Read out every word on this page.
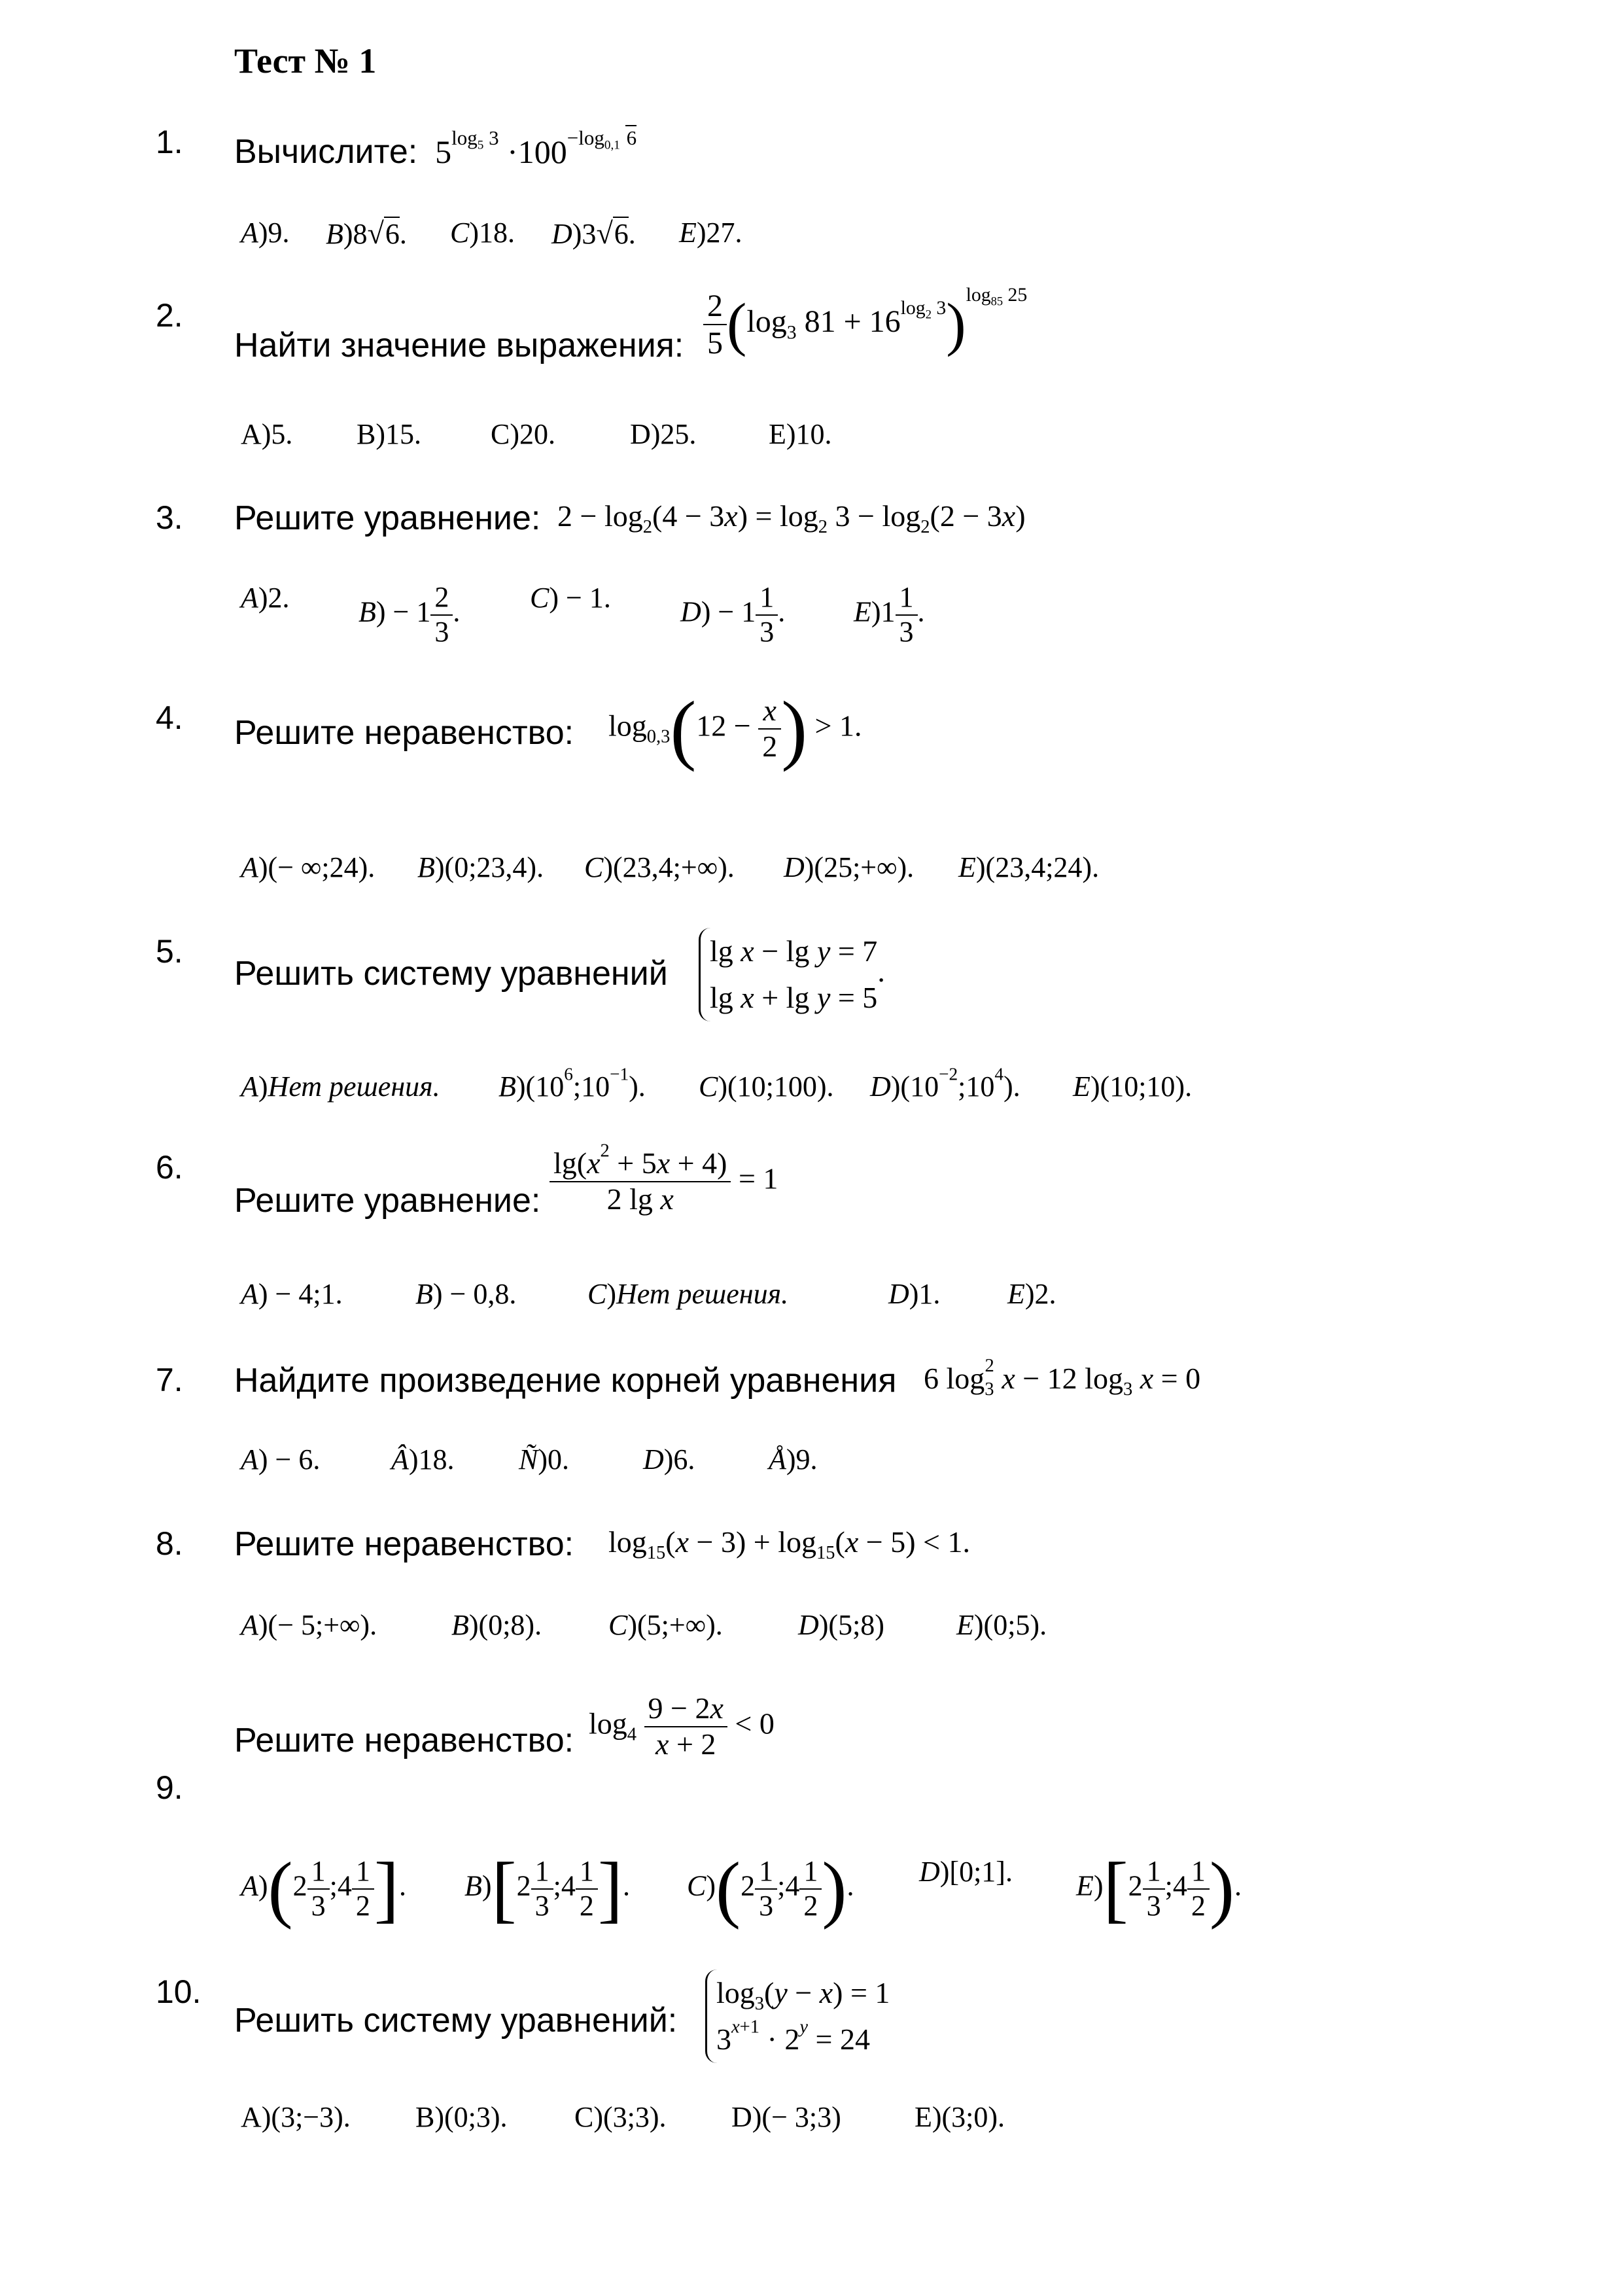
Тест № 1
1. Вычислите:  $5^{log_5 3} \cdot 100^{-log_{0,1} 6}$
A)9. B)8√6. C)18. D)3√6. E)27.
2.
Найти значение выражения: $\frac{2}{5} (\log_3$ $81 + 16^{log_2 3})^{log_{85} 25}$
A)5. B)15. C)20.	D)25.	E)10.
3. Решите уравнение: $2 - \log_2(4 - 3x) = \log_2 3 - \log_2(2 - 3x)$
A)2. $B) - 1 \frac{2}{3}$ . C) − 1. $D) - 1 \frac{1}{3}$ . $E)1 \frac{1}{3}$ .
4. Решите неравенство: $\log_{0,3}(12 - \frac{x}{2}$ ) > 1.
A)(− ∞;24). B)(0;23,4). C)(23,4;+∞). D)(25;+∞). E)(23,4;24).
5.
Решить систему уравнений
lg x − lg y = 7
lg x + lg y = 5.
A)Нет решения. $B)(10^6;10^{-1})$. C)(10;100). $D)(10^{-2};10^4)$. E)(10;10).
6.
Решите уравнение: $\frac{\lg(x^2 + 5x + 4)}{\text{2 lg x}} = 1$
A) − 4;1.	B) − 0,8. C)Нет решения.	D)1. E)2.
7. Найдите произведение корней уравнения 6 $\log_3^2 x - 12$ $\log_3 x = 0$
A) − 6. Â)18. Ñ)0.	D)6.	Å)9.
8. Решите неравенство: $\log_{15}(x - 3) + \log_{15}(x - 5) < 1$.
A)(− 5;+∞).	B)(0;8). C)(5;+∞).	D)(5;8)	E)(0;5).
9.
Решите неравенство: $\log_4 \frac{9 - 2x}{x + 2} < 0$
$A)(2 \frac{1}{3}$ ;4 $\frac{1}{2}$ ]. $B)[2 \frac{1}{3}$ ;4 $\frac{1}{2}$ ]. $C)(2 \frac{1}{3}$ ;4 $\frac{1}{2}$ ). D)[0;1]. $E)[2 \frac{1}{3}$ ;4 $\frac{1}{2}$ ).
10.
Решить систему уравнений:
$\log_3(y - x) = 1$
$3^{x+1} \cdot 2^y = 24$
A)(3;−3). B)(0;3). C)(3;3). D)(− 3;3)	E)(3;0).
